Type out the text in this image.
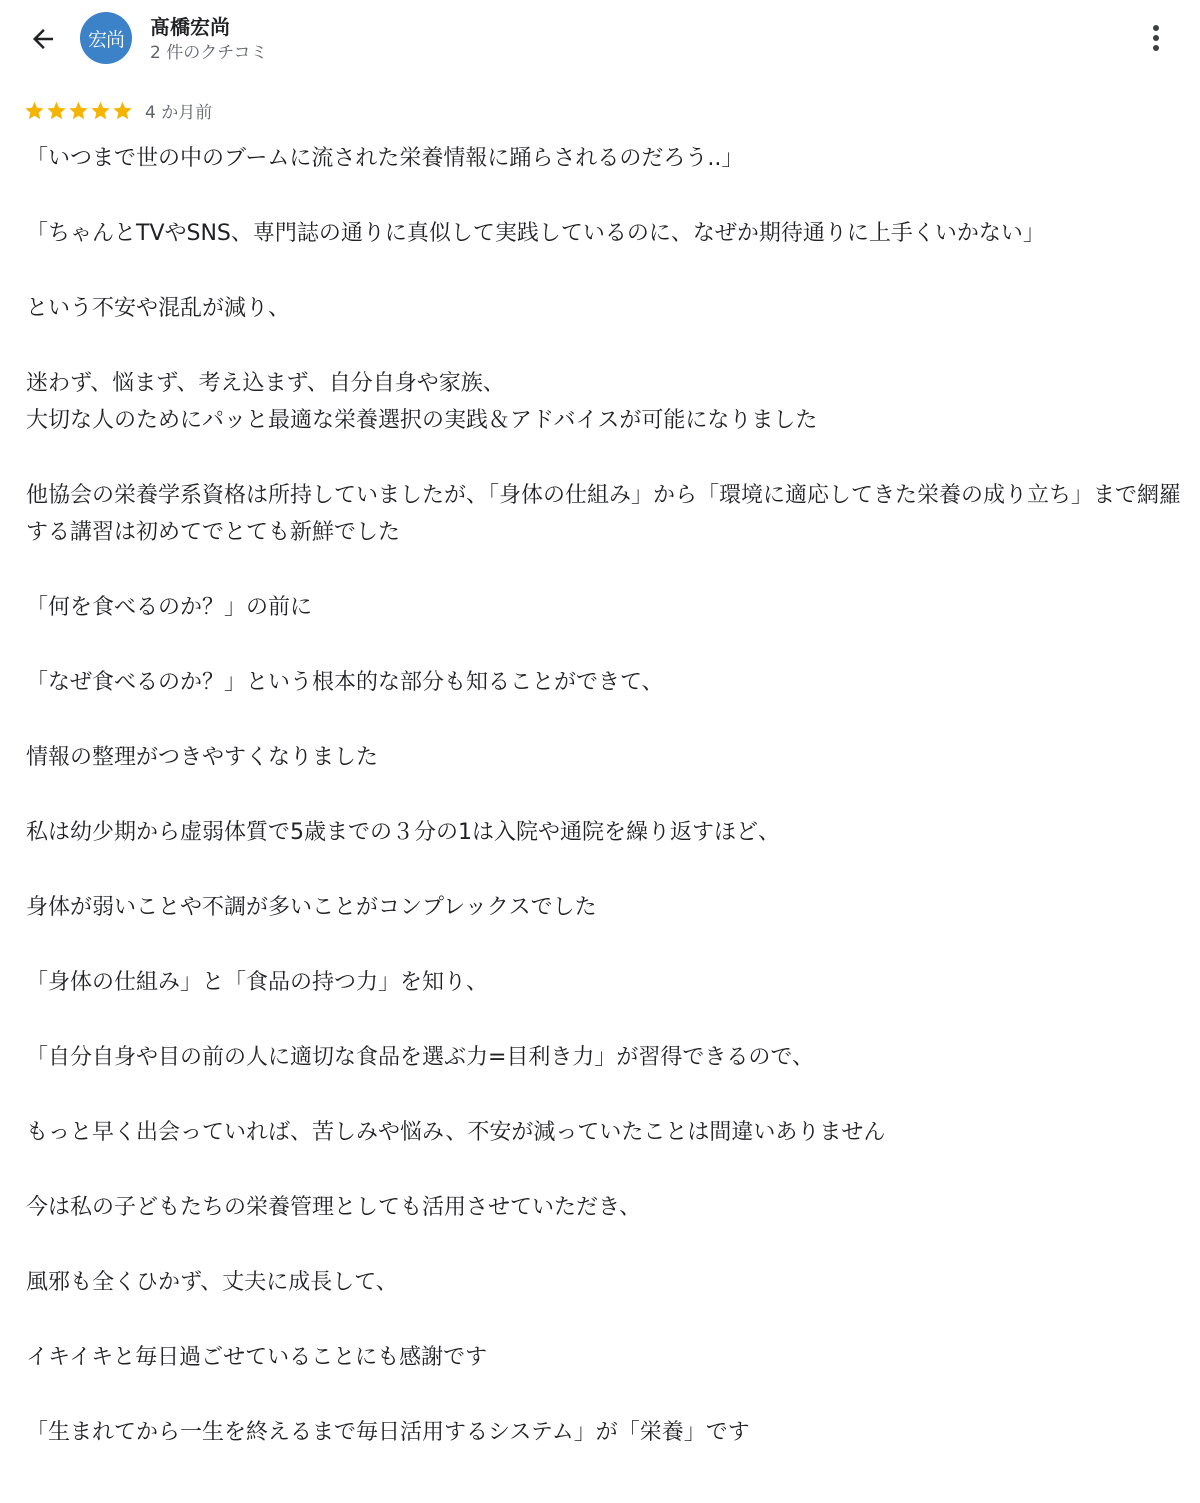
宏尚
髙橋宏尚
2 件のクチコミ
4 か月前

「いつまで世の中のブームに流された栄養情報に踊らされるのだろう..」

「ちゃんとTVやSNS、専門誌の通りに真似して実践しているのに、なぜか期待通りに上手くいかない」

という不安や混乱が減り、

迷わず、悩まず、考え込まず、自分自身や家族、
大切な人のためにパッと最適な栄養選択の実践＆アドバイスが可能になりました

他協会の栄養学系資格は所持していましたが、「身体の仕組み」から「環境に適応してきた栄養の成り立ち」まで網羅する講習は初めてでとても新鮮でした

「何を食べるのか？」の前に

「なぜ食べるのか？」という根本的な部分も知ることができて、

情報の整理がつきやすくなりました

私は幼少期から虚弱体質で5歳までの３分の1は入院や通院を繰り返すほど、

身体が弱いことや不調が多いことがコンプレックスでした

「身体の仕組み」と「食品の持つ力」を知り、

「自分自身や目の前の人に適切な食品を選ぶ力=目利き力」が習得できるので、

もっと早く出会っていれば、苦しみや悩み、不安が減っていたことは間違いありません

今は私の子どもたちの栄養管理としても活用させていただき、

風邪も全くひかず、丈夫に成長して、

イキイキと毎日過ごせていることにも感謝です

「生まれてから一生を終えるまで毎日活用するシステム」が「栄養」です
